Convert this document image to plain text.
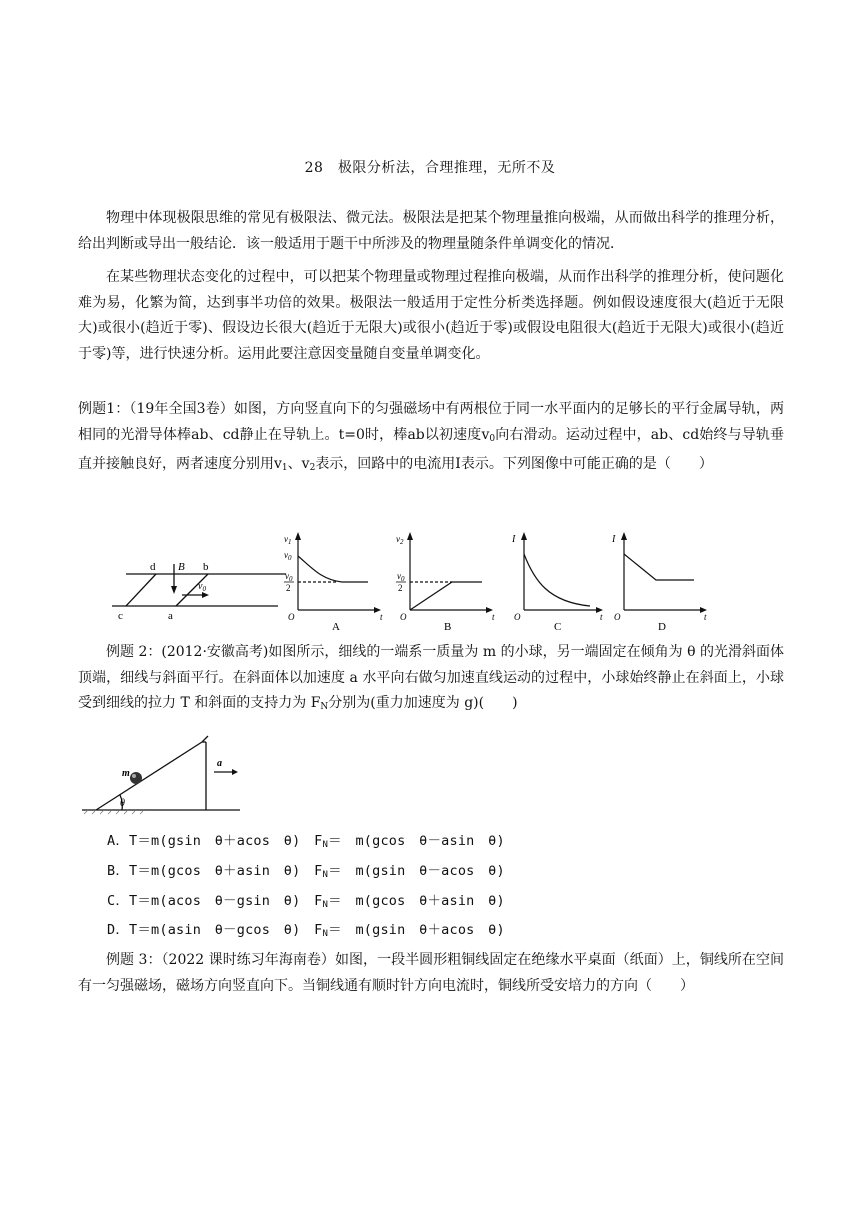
28　极限分析法，合理推理，无所不及
物理中体现极限思维的常见有极限法、微元法。极限法是把某个物理量推向极端，从而做出科学的推理分析，给出判断或导出一般结论．该一般适用于题干中所涉及的物理量随条件单调变化的情况．
在某些物理状态变化的过程中，可以把某个物理量或物理过程推向极端，从而作出科学的推理分析，使问题化难为易，化繁为简，达到事半功倍的效果。极限法一般适用于定性分析类选择题。例如假设速度很大(趋近于无限大)或很小(趋近于零)、假设边长很大(趋近于无限大)或很小(趋近于零)或假设电阻很大(趋近于无限大)或很小(趋近于零)等，进行快速分析。运用此要注意因变量随自变量单调变化。
例题1：（19年全国3卷）如图，方向竖直向下的匀强磁场中有两根位于同一水平面内的足够长的平行金属导轨，两相同的光滑导体棒ab、cd静止在导轨上。t=0时，棒ab以初速度$v_0$向右滑动。运动过程中，ab、cd始终与导轨垂直并接触良好，两者速度分别用$v_1$、$v_2$表示，回路中的电流用I表示。下列图像中可能正确的是（　　）
d B b
c	a
$v_0$
$v_1$
$v_0$
$v_0$
2
O	t
A
$v_2$
$v_0$
2
O	t
B
I
O	t
C
I
O	t
D
例题 2：(2012·安徽高考)如图所示，细线的一端系一质量为 m 的小球，另一端固定在倾角为 θ 的光滑斜面体顶端，细线与斜面平行。在斜面体以加速度 a 水平向右做匀加速直线运动的过程中，小球始终静止在斜面上，小球受到细线的拉力 T 和斜面的支持力为 $F_N$分别为(重力加速度为 g)(　　)
m
a
θ
A．T＝m(gsin　θ＋acos　θ)　$F_N=$　m(gcos　θ－asin　θ)
B．T＝m(gcos　θ＋asin　θ)　$F_N=$　m(gsin　θ－acos　θ)
C．T＝m(acos　θ－gsin　θ)　$F_N=$　m(gcos　θ＋asin　θ)
D．T＝m(asin　θ－gcos　θ)　$F_N=$　m(gsin　θ＋acos　θ)
例题 3：（2022 课时练习年海南卷）如图，一段半圆形粗铜线固定在绝缘水平桌面（纸面）上，铜线所在空间有一匀强磁场，磁场方向竖直向下。当铜线通有顺时针方向电流时，铜线所受安培力的方向（　　）
